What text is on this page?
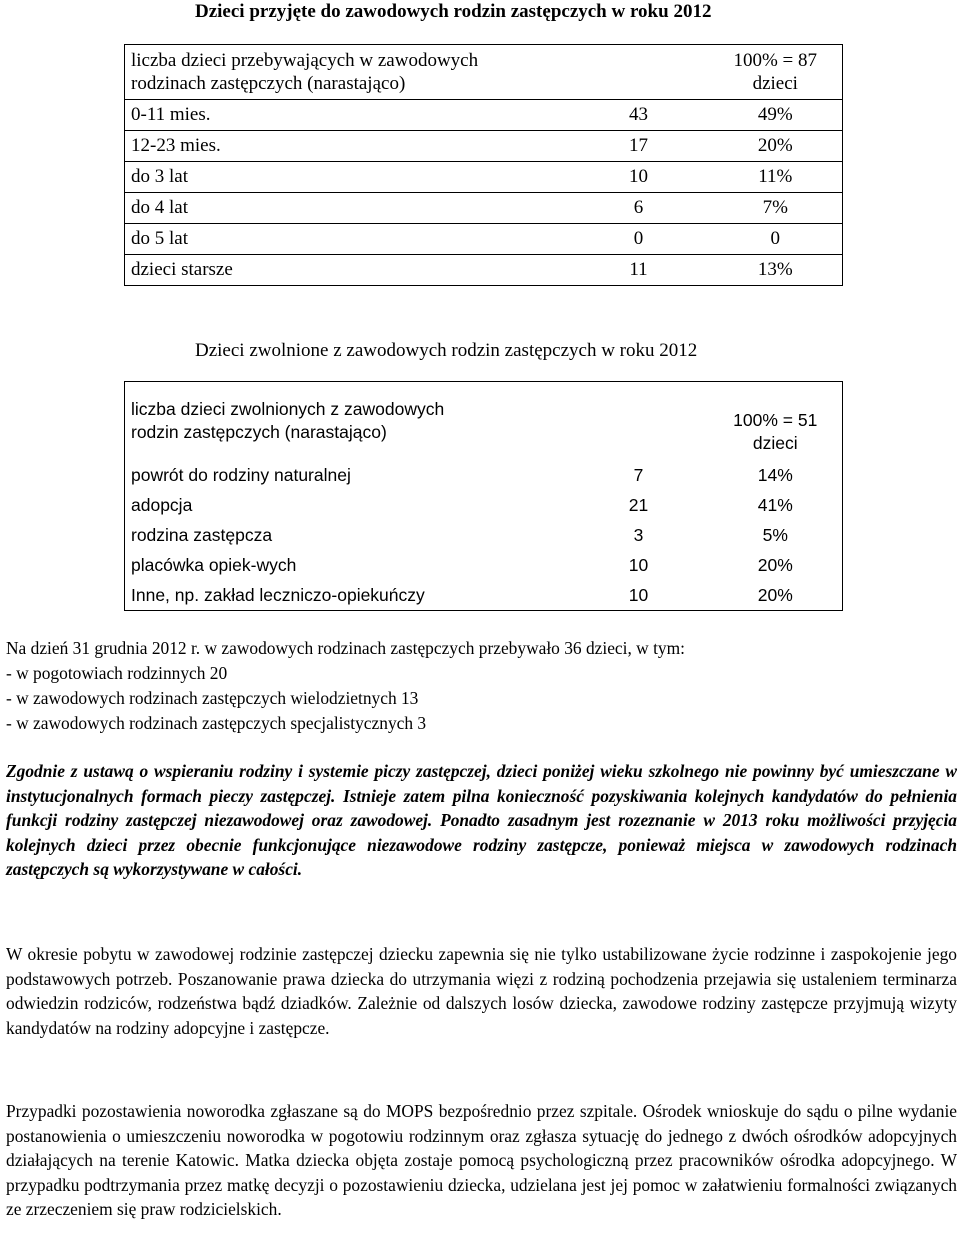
Dzieci przyjęte do zawodowych rodzin zastępczych w roku 2012
liczba dzieci przebywających w zawodowych rodzinach zastępczych (narastająco)		100% = 87 dzieci
0-11 mies.	43	49%
12-23 mies.	17	20%
do 3 lat	10	11%
do 4 lat	6	7%
do 5 lat	0	0
dzieci starsze	11	13%
Dzieci zwolnione z zawodowych rodzin zastępczych w roku 2012
liczba dzieci zwolnionych z zawodowych rodzin zastępczych (narastająco)		100% = 51 dzieci
powrót do rodziny naturalnej	7	14%
adopcja	21	41%
rodzina zastępcza	3	5%
placówka opiek-wych	10	20%
Inne, np. zakład leczniczo-opiekuńczy	10	20%
Na dzień 31 grudnia 2012 r. w zawodowych rodzinach zastępczych przebywało 36 dzieci, w tym:
- w pogotowiach rodzinnych 20
- w zawodowych rodzinach zastępczych wielodzietnych 13
- w zawodowych rodzinach zastępczych specjalistycznych 3

Zgodnie z ustawą o wspieraniu rodziny i systemie piczy zastępczej, dzieci poniżej wieku szkolnego nie powinny być umieszczane w instytucjonalnych formach pieczy zastępczej. Istnieje zatem pilna konieczność pozyskiwania kolejnych kandydatów do pełnienia funkcji rodziny zastępczej niezawodowej oraz zawodowej. Ponadto zasadnym jest rozeznanie w 2013 roku możliwości przyjęcia kolejnych dzieci przez obecnie funkcjonujące niezawodowe rodziny zastępcze, ponieważ miejsca w zawodowych rodzinach zastępczych są wykorzystywane w całości.

W okresie pobytu w zawodowej rodzinie zastępczej dziecku zapewnia się nie tylko ustabilizowane życie rodzinne i zaspokojenie jego podstawowych potrzeb. Poszanowanie prawa dziecka do utrzymania więzi z rodziną pochodzenia przejawia się ustaleniem terminarza odwiedzin rodziców, rodzeństwa bądź dziadków. Zależnie od dalszych losów dziecka, zawodowe rodziny zastępcze przyjmują wizyty kandydatów na rodziny adopcyjne i zastępcze.

Przypadki pozostawienia noworodka zgłaszane są do MOPS bezpośrednio przez szpitale. Ośrodek wnioskuje do sądu o pilne wydanie postanowienia o umieszczeniu noworodka w pogotowiu rodzinnym oraz zgłasza sytuację do jednego z dwóch ośrodków adopcyjnych działających na terenie Katowic. Matka dziecka objęta zostaje pomocą psychologiczną przez pracowników ośrodka adopcyjnego. W przypadku podtrzymania przez matkę decyzji o pozostawieniu dziecka, udzielana jest jej pomoc w załatwieniu formalności związanych ze zrzeczeniem się praw rodzicielskich.
